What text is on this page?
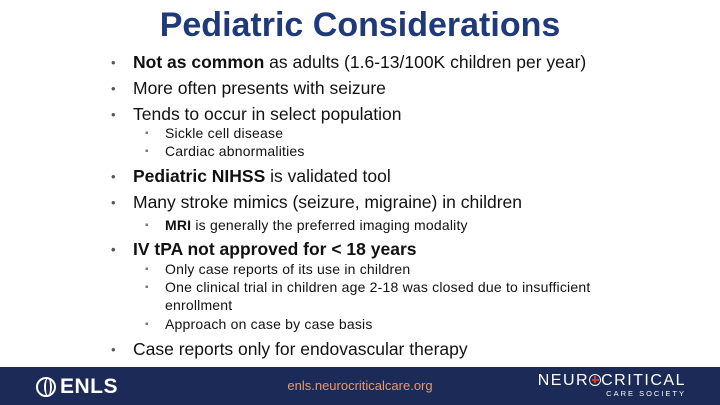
Pediatric Considerations
• Not as common as adults (1.6-13/100K children per year)
• More often presents with seizure
• Tends to occur in select population
▪ Sickle cell disease
▪ Cardiac abnormalities
• Pediatric NIHSS is validated tool
• Many stroke mimics (seizure, migraine) in children
▪ MRI is generally the preferred imaging modality
• IV tPA not approved for < 18 years
▪ Only case reports of its use in children
▪ One clinical trial in children age 2-18 was closed due to insufficient
enrollment
▪ Approach on case by case basis
• Case reports only for endovascular therapy
ENLS	enls.neurocriticalcare.org	NEUR CRITICAL
CARE SOCIETY
